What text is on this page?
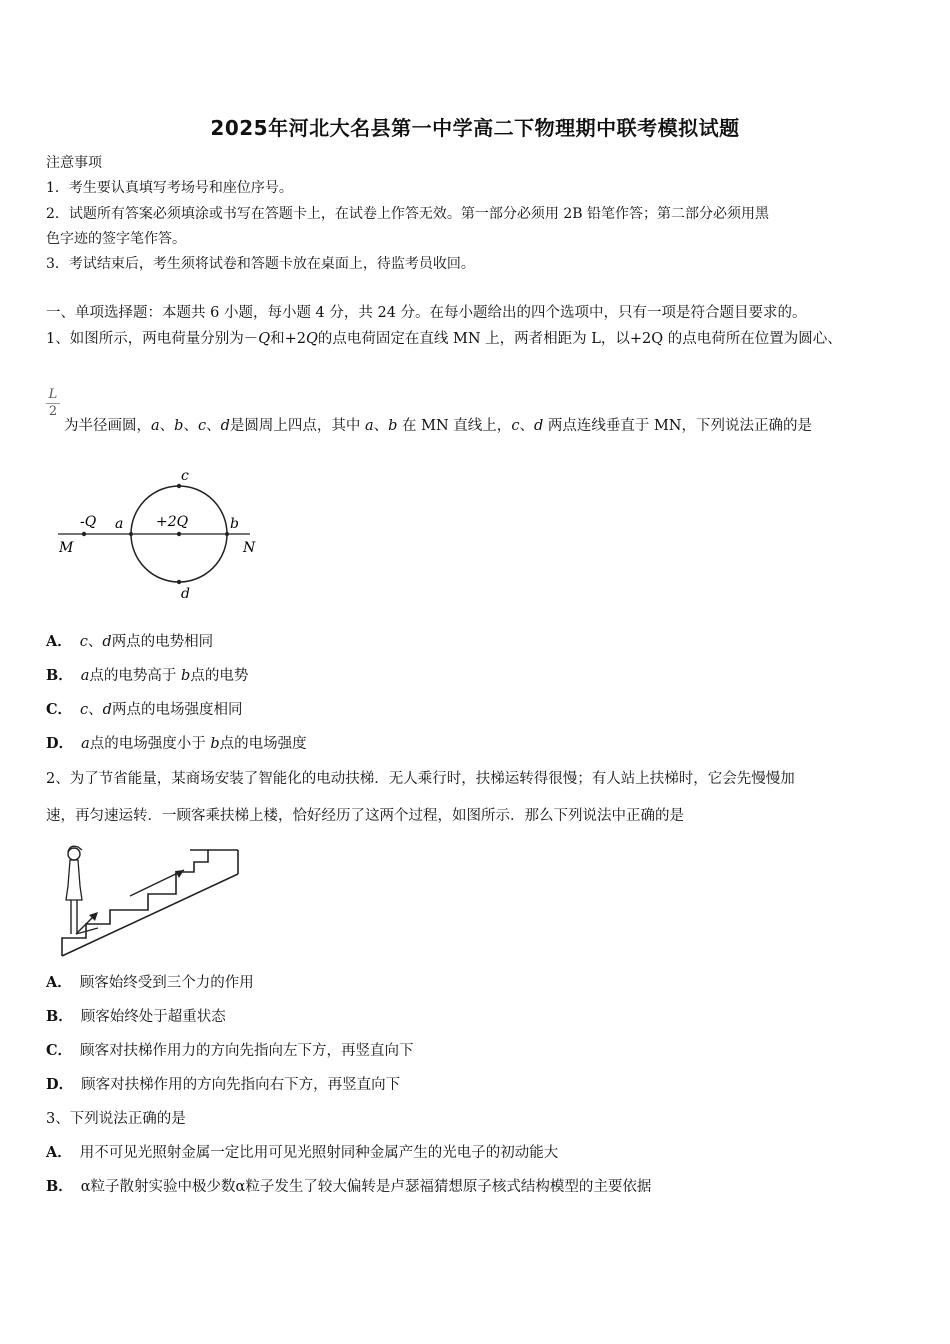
2025年河北大名县第一中学高二下物理期中联考模拟试题
注意事项
1．考生要认真填写考场号和座位序号。
2．试题所有答案必须填涂或书写在答题卡上，在试卷上作答无效。第一部分必须用 2B 铅笔作答；第二部分必须用黑
色字迹的签字笔作答。
3．考试结束后，考生须将试卷和答题卡放在桌面上，待监考员收回。
一、单项选择题：本题共 6 小题，每小题 4 分，共 24 分。在每小题给出的四个选项中，只有一项是符合题目要求的。
1、如图所示，两电荷量分别为－Q和+2Q的点电荷固定在直线 MN 上，两者相距为 L，以+2Q 的点电荷所在位置为圆心、
$\frac{L}{2}$
为半径画圆，a、b、c、d是圆周上四点，其中 a、b 在 MN 直线上，c、d 两点连线垂直于 MN，下列说法正确的是
c
-Q a +2Q	b
M	N
d
A． c、d两点的电势相同
B． a点的电势高于 b点的电势
C． c、d两点的电场强度相同
D． a点的电场强度小于 b点的电场强度
2、为了节省能量，某商场安装了智能化的电动扶梯．无人乘行时，扶梯运转得很慢；有人站上扶梯时，它会先慢慢加
速，再匀速运转．一顾客乘扶梯上楼，恰好经历了这两个过程，如图所示．那么下列说法中正确的是
A． 顾客始终受到三个力的作用
B． 顾客始终处于超重状态
C． 顾客对扶梯作用力的方向先指向左下方，再竖直向下
D． 顾客对扶梯作用的方向先指向右下方，再竖直向下
3、下列说法正确的是
A． 用不可见光照射金属一定比用可见光照射同种金属产生的光电子的初动能大
B． α粒子散射实验中极少数α粒子发生了较大偏转是卢瑟福猜想原子核式结构模型的主要依据
